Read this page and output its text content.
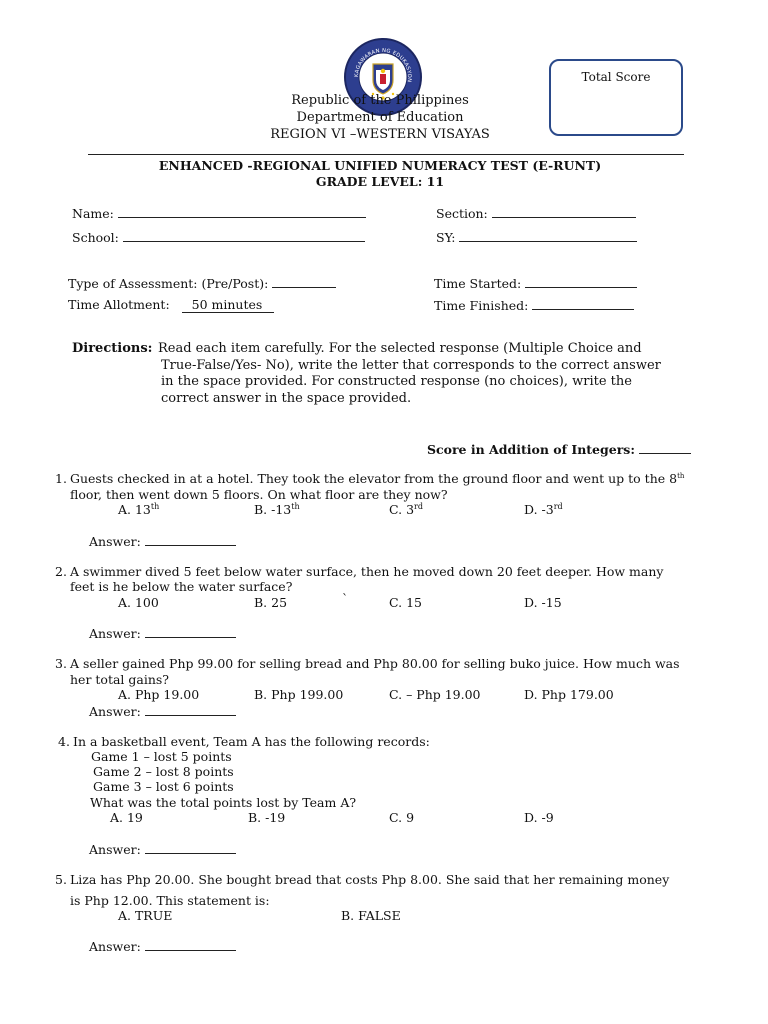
KAGAWARAN NG EDUKASYON	Total Score
Republic of the Philippines
Department of Education
REGION VI –WESTERN VISAYAS
ENHANCED -REGIONAL UNIFIED NUMERACY TEST (E-RUNT)
GRADE LEVEL: 11
Name:	Section:
School:	SY:
Type of Assessment: (Pre/Post):	Time Started:
Time Allotment: 50 minutes	Time Finished:
Directions: Read each item carefully. For the selected response (Multiple Choice and
True-False/Yes- No), write the letter that corresponds to the correct answer
in the space provided. For constructed response (no choices), write the
correct answer in the space provided.
Score in Addition of Integers:
1. Guests checked in at a hotel. They took the elevator from the ground floor and went up to the 8th
floor, then went down 5 floors. On what floor are they now?
A. 13th	B. -13th	C. 3rd	D. -3rd
Answer:
2. A swimmer dived 5 feet below water surface, then he moved down 20 feet deeper. How many
feet is he below the water surface?
A. 100	B. 25	`	C. 15	D. -15
Answer:
3. A seller gained Php 99.00 for selling bread and Php 80.00 for selling buko juice. How much was
her total gains?
A. Php 19.00	B. Php 199.00	C. – Php 19.00	D. Php 179.00
Answer:
4. In a basketball event, Team A has the following records:
Game 1 – lost 5 points
Game 2 – lost 8 points
Game 3 – lost 6 points
What was the total points lost by Team A?
A. 19	B. -19	C. 9	D. -9
Answer:
5. Liza has Php 20.00. She bought bread that costs Php 8.00. She said that her remaining money
is Php 12.00. This statement is:
A. TRUE	B. FALSE
Answer:
